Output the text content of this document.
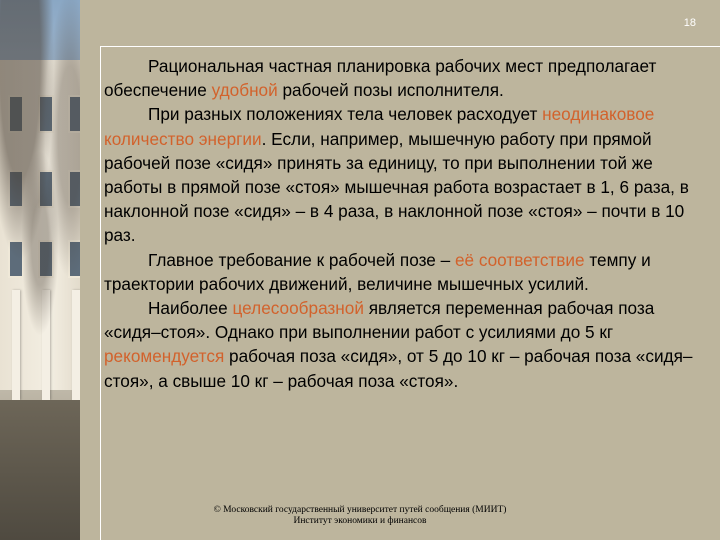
18

Рациональная частная планировка рабочих мест предполагает обеспечение удобной рабочей позы исполнителя.

При разных положениях тела человек расходует неодинаковое количество энергии. Если, например, мышечную работу при прямой рабочей позе «сидя» принять за единицу, то при выполнении той же работы в прямой позе «стоя» мышечная работа возрастает в 1, 6 раза, в наклонной позе «сидя» – в 4 раза, в наклонной позе «стоя» – почти в 10 раз.

Главное требование к рабочей позе – её соответствие темпу и траектории рабочих движений, величине мышечных усилий.

Наиболее целесообразной является переменная рабочая поза «сидя–стоя». Однако при выполнении работ с усилиями до 5 кг рекомендуется рабочая поза «сидя», от 5 до 10 кг – рабочая поза «сидя–стоя», а свыше 10 кг – рабочая поза «стоя».

© Московский государственный университет путей сообщения (МИИТ)
Институт экономики и финансов
